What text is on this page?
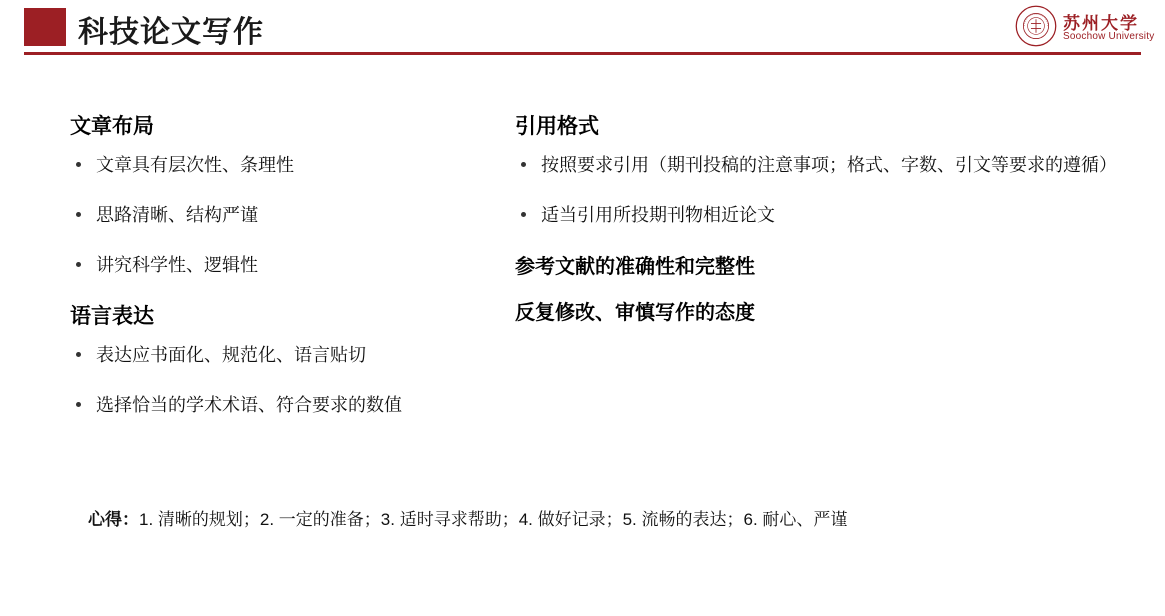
科技论文写作	苏州大学
Soochow University
文章布局
文章具有层次性、条理性
思路清晰、结构严谨
讲究科学性、逻辑性
语言表达
表达应书面化、规范化、语言贴切
选择恰当的学术术语、符合要求的数值
引用格式
按照要求引用（期刊投稿的注意事项；格式、字数、引文等要求的遵循）
适当引用所投期刊物相近论文

参考文献的准确性和完整性

反复修改、审慎写作的态度

心得：1. 清晰的规划；2. 一定的准备；3. 适时寻求帮助；4. 做好记录；5. 流畅的表达；6. 耐心、严谨
